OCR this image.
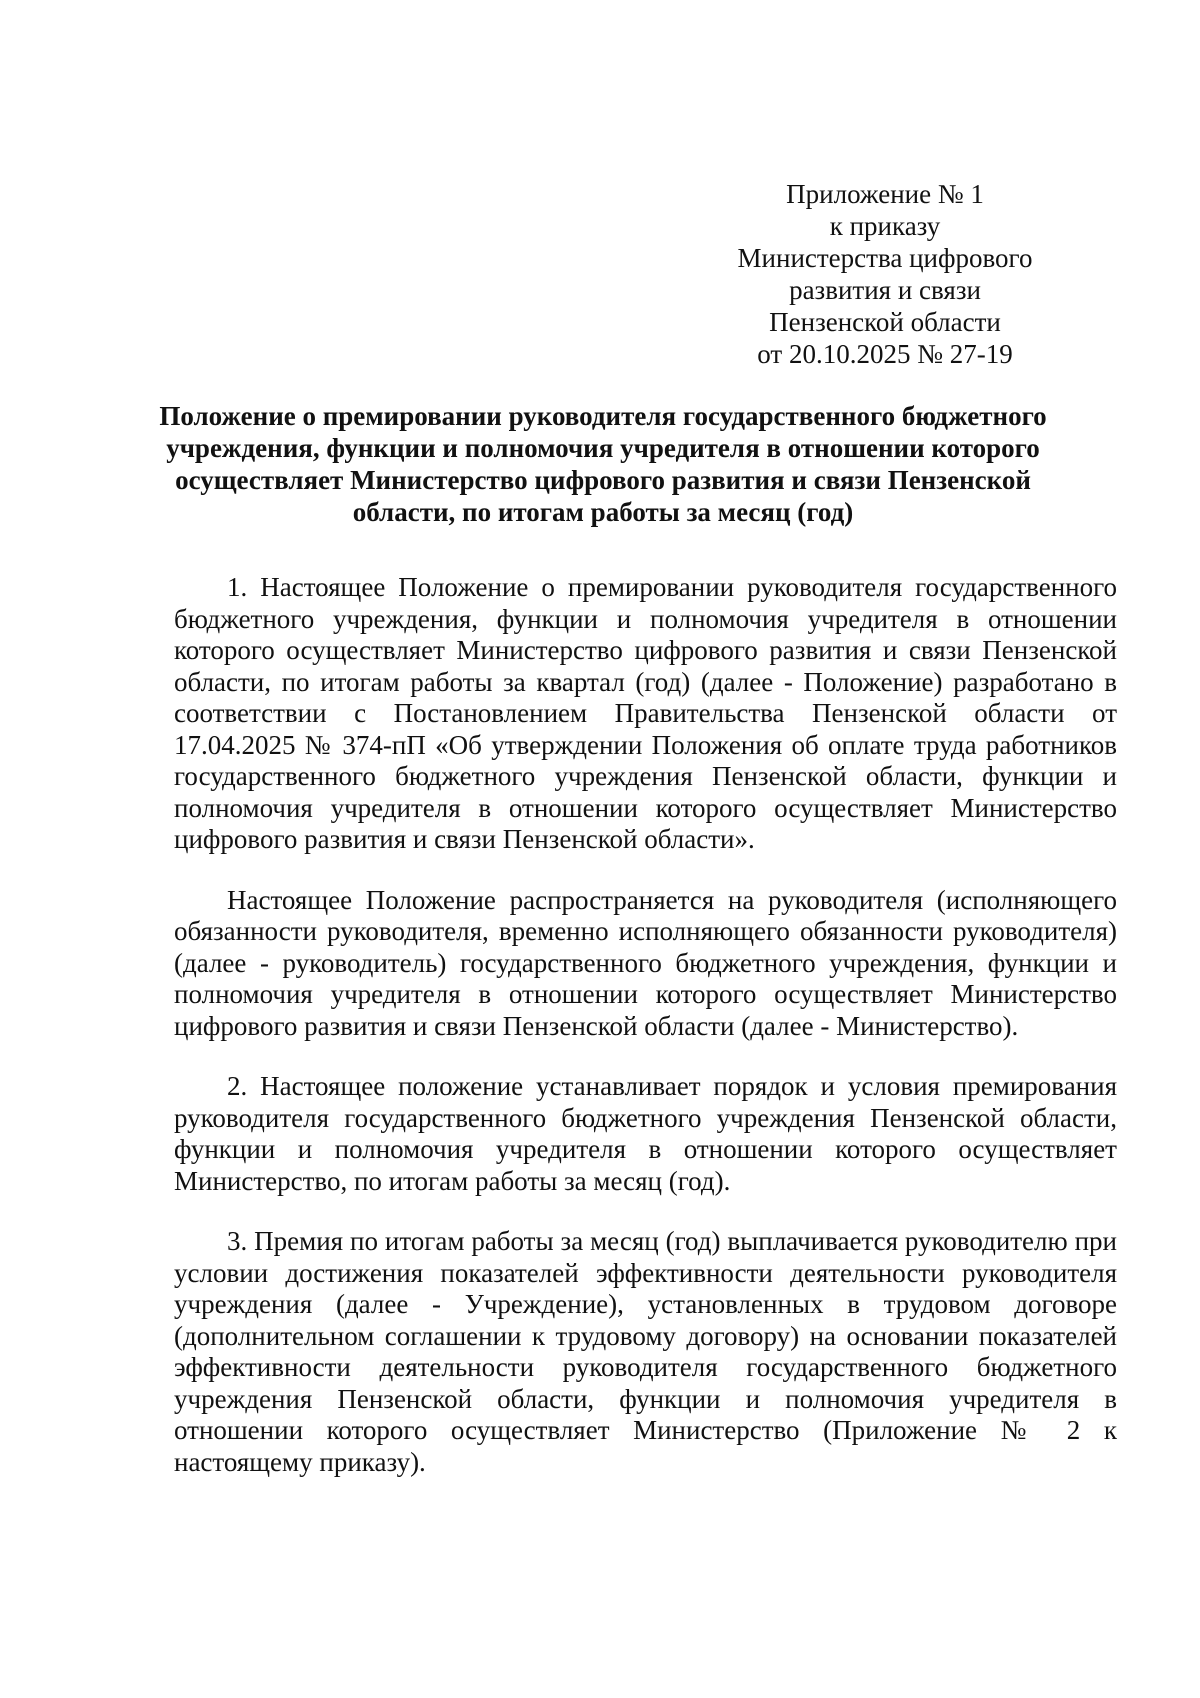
Приложение № 1
к приказу
Министерства цифрового
развития и связи
Пензенской области
от 20.10.2025 № 27-19
Положение о премировании руководителя государственного бюджетного учреждения, функции и полномочия учредителя в отношении которого осуществляет Министерство цифрового развития и связи Пензенской области, по итогам работы за месяц (год)

1. Настоящее Положение о премировании руководителя государственного бюджетного учреждения, функции и полномочия учредителя в отношении которого осуществляет Министерство цифрового развития и связи Пензенской области, по итогам работы за квартал (год) (далее - Положение) разработано в соответствии с Постановлением Правительства Пензенской области от 17.04.2025 № 374-пП «Об утверждении Положения об оплате труда работников государственного бюджетного учреждения Пензенской области, функции и полномочия учредителя в отношении которого осуществляет Министерство цифрового развития и связи Пензенской области».

Настоящее Положение распространяется на руководителя (исполняющего обязанности руководителя, временно исполняющего обязанности руководителя) (далее - руководитель) государственного бюджетного учреждения, функции и полномочия учредителя в отношении которого осуществляет Министерство цифрового развития и связи Пензенской области (далее - Министерство).

2. Настоящее положение устанавливает порядок и условия премирования руководителя государственного бюджетного учреждения Пензенской области, функции и полномочия учредителя в отношении которого осуществляет Министерство, по итогам работы за месяц (год).

3. Премия по итогам работы за месяц (год) выплачивается руководителю при условии достижения показателей эффективности деятельности руководителя учреждения (далее - Учреждение), установленных в трудовом договоре (дополнительном соглашении к трудовому договору) на основании показателей эффективности деятельности руководителя государственного бюджетного учреждения Пензенской области, функции и полномочия учредителя в отношении которого осуществляет Министерство (Приложение № 2 к настоящему приказу).
